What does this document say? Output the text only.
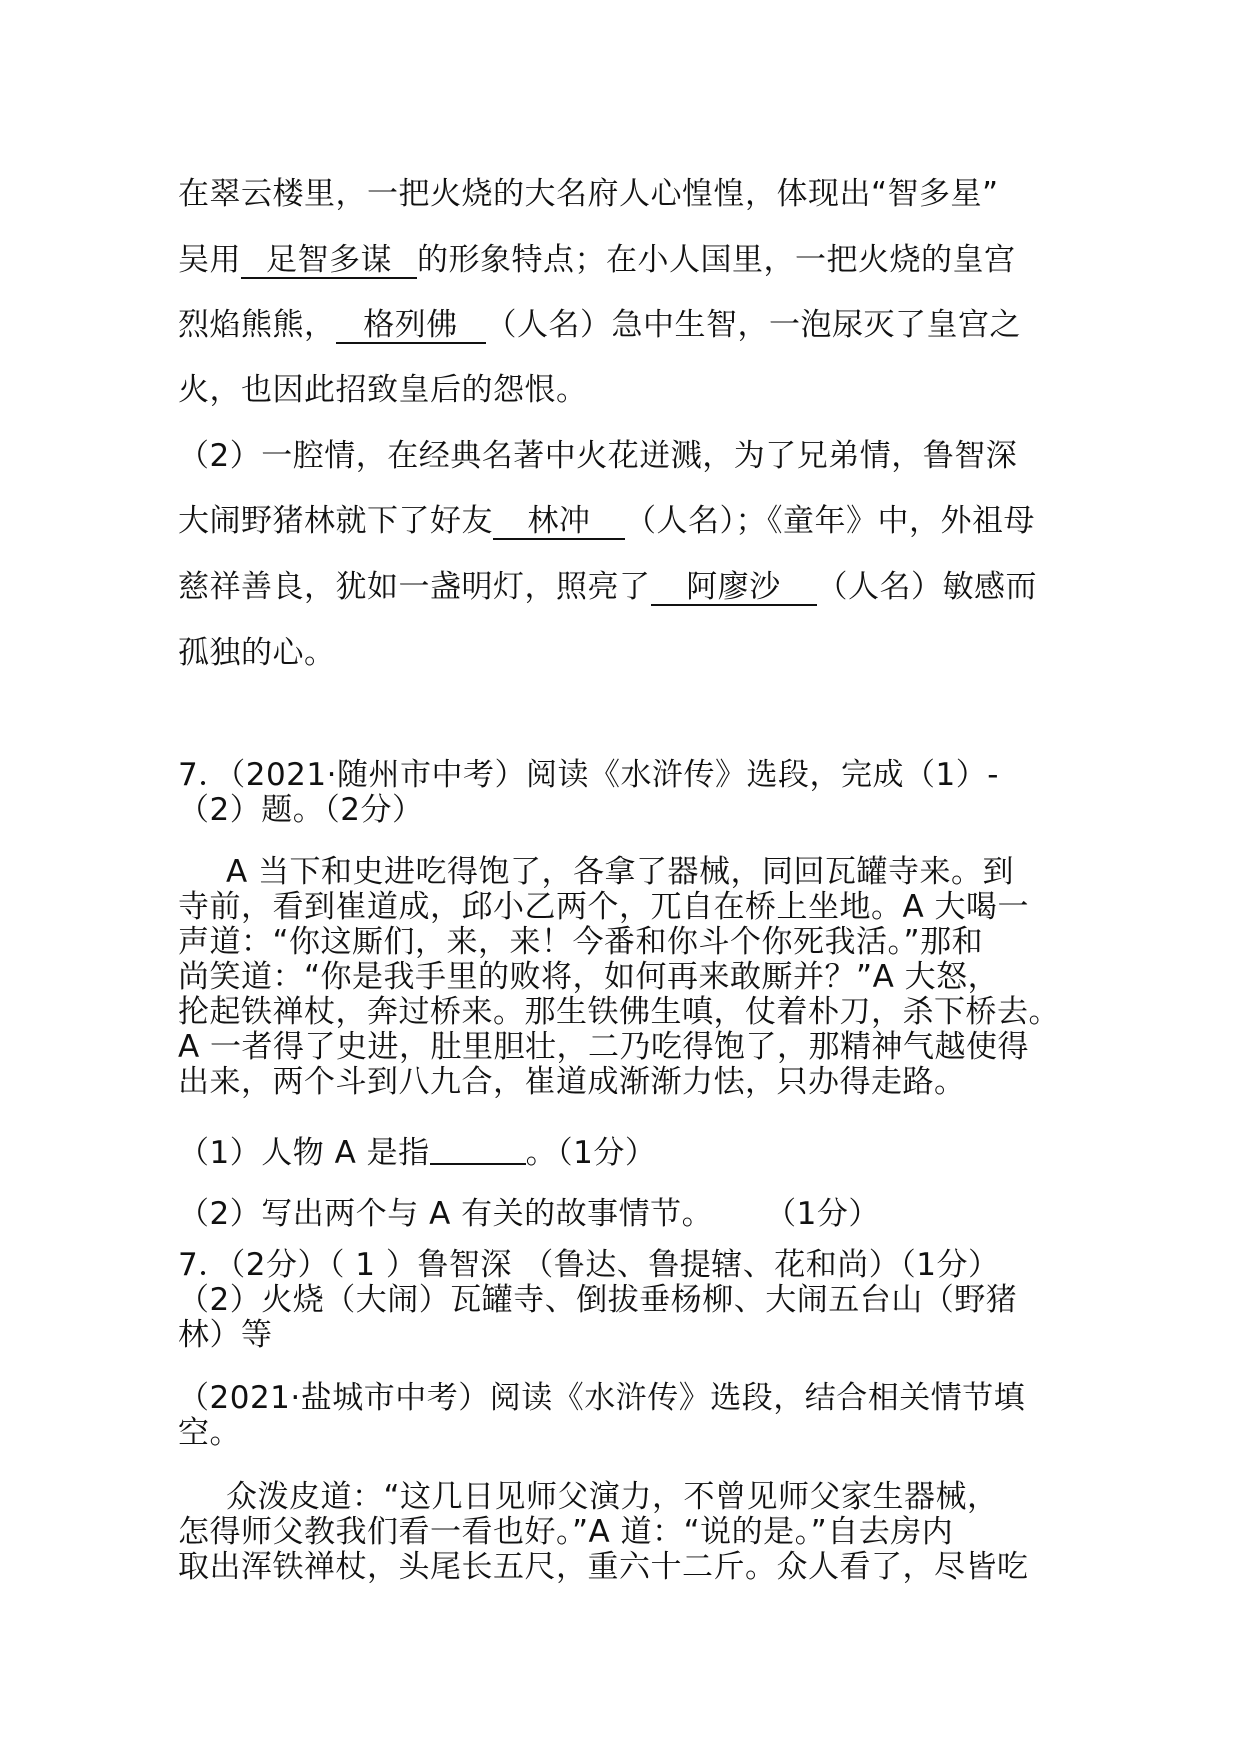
在翠云楼里，一把火烧的大名府人心惶惶，体现出“智多星”
吴用 足智多谋 的形象特点；在小人国里，一把火烧的皇宫
烈焰熊熊， 格列佛 （人名）急中生智，一泡尿灭了皇宫之
火，也因此招致皇后的怨恨。
（2）一腔情，在经典名著中火花迸溅，为了兄弟情，鲁智深
大闹野猪林就下了好友 林冲 （人名）；《童年》中，外祖母
慈祥善良，犹如一盏明灯，照亮了 阿廖沙 （人名）敏感而
孤独的心。
7．（2021·随州市中考）阅读《水浒传》选段，完成（1）-
（2）题。（2分）
A 当下和史进吃得饱了，各拿了器械，同回瓦罐寺来。到
寺前，看到崔道成，邱小乙两个，兀自在桥上坐地。A 大喝一
声道：“你这厮们，来，来！今番和你斗个你死我活。”那和
尚笑道：“你是我手里的败将，如何再来敢厮并？”A 大怒，
抡起铁禅杖，奔过桥来。那生铁佛生嗔，仗着朴刀，杀下桥去。
A 一者得了史进，肚里胆壮，二乃吃得饱了，那精神气越使得
出来，两个斗到八九合，崔道成渐渐力怯，只办得走路。
（1）人物 A 是指	。（1分）
（2）写出两个与 A 有关的故事情节。 （1分）
7．（2分）（ 1 ）鲁智深 （鲁达、鲁提辖、花和尚）（1分）
（2）火烧（大闹）瓦罐寺、倒拔垂杨柳、大闹五台山（野猪
林）等
（2021·盐城市中考）阅读《水浒传》选段，结合相关情节填
空。
众泼皮道：“这几日见师父演力，不曾见师父家生器械，
怎得师父教我们看一看也好。”A 道：“说的是。”自去房内
取出浑铁禅杖，头尾长五尺，重六十二斤。众人看了，尽皆吃
